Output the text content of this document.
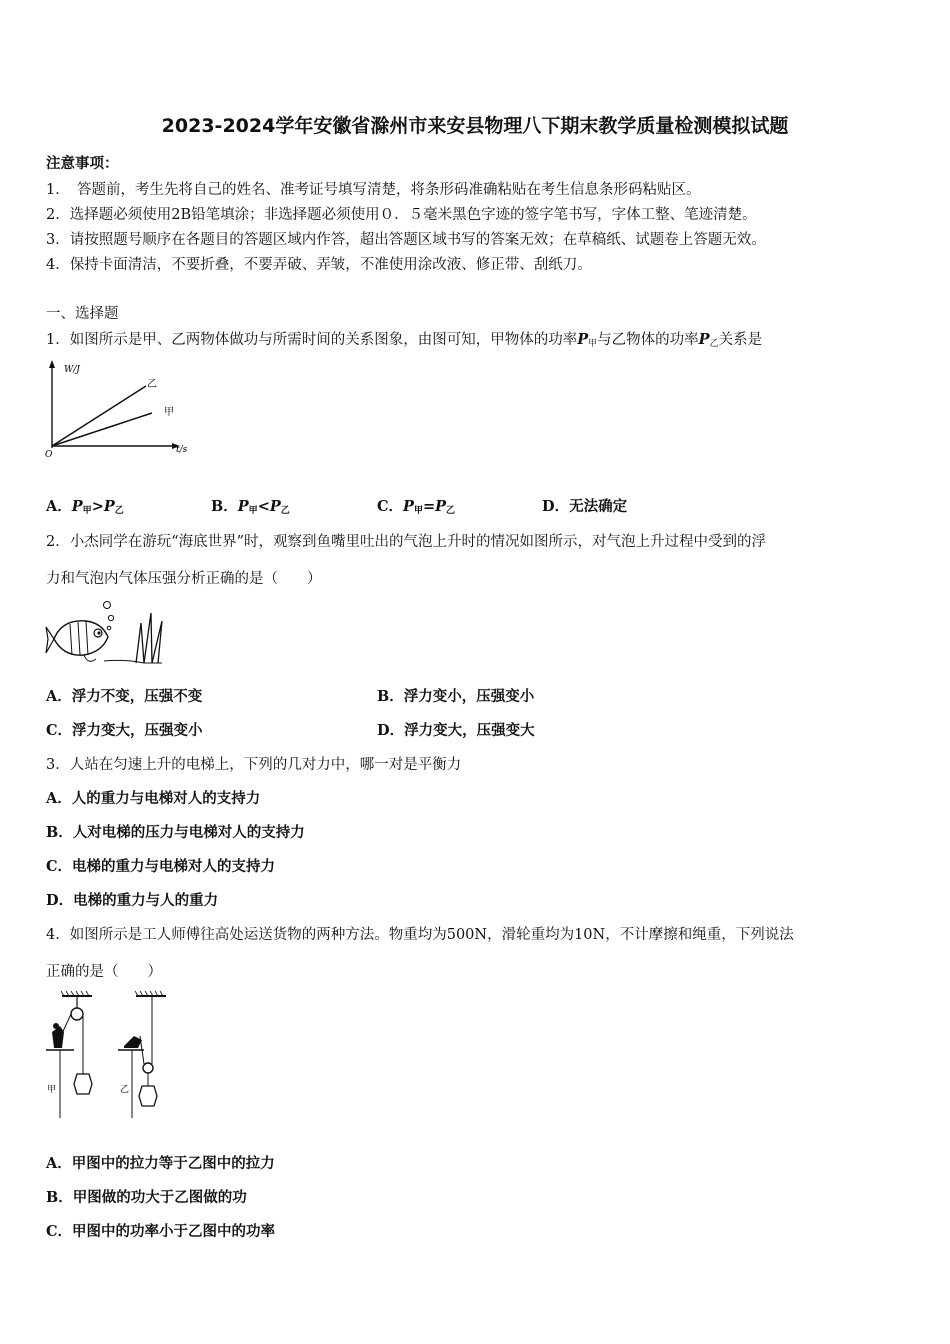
2023-2024学年安徽省滁州市来安县物理八下期末教学质量检测模拟试题
注意事项：
1．　答题前，考生先将自己的姓名、准考证号填写清楚，将条形码准确粘贴在考生信息条形码粘贴区。
2．选择题必须使用2B铅笔填涂；非选择题必须使用０．５毫米黑色字迹的签字笔书写，字体工整、笔迹清楚。
3．请按照题号顺序在各题目的答题区域内作答，超出答题区域书写的答案无效；在草稿纸、试题卷上答题无效。
4．保持卡面清洁，不要折叠，不要弄破、弄皱，不准使用涂改液、修正带、刮纸刀。
一、选择题
1．如图所示是甲、乙两物体做功与所需时间的关系图象，由图可知，甲物体的功率$P_甲$与乙物体的功率$P_乙$关系是
W/J
t/s
O
乙
甲
A．$P_甲>P_乙$	B．$P_甲<P_乙$	C．$P_甲=P_乙$	D．无法确定
2．小杰同学在游玩“海底世界”时，观察到鱼嘴里吐出的气泡上升时的情况如图所示，对气泡上升过程中受到的浮
力和气泡内气体压强分析正确的是（　　）
A．浮力不变，压强不变	B．浮力变小，压强变小
C．浮力变大，压强变小	D．浮力变大，压强变大
3．人站在匀速上升的电梯上，下列的几对力中，哪一对是平衡力
A．人的重力与电梯对人的支持力
B．人对电梯的压力与电梯对人的支持力
C．电梯的重力与电梯对人的支持力
D．电梯的重力与人的重力
4．如图所示是工人师傅往高处运送货物的两种方法。物重均为500N，滑轮重均为10N，不计摩擦和绳重，下列说法
正确的是（　　）
甲	乙
A．甲图中的拉力等于乙图中的拉力
B．甲图做的功大于乙图做的功
C．甲图中的功率小于乙图中的功率
